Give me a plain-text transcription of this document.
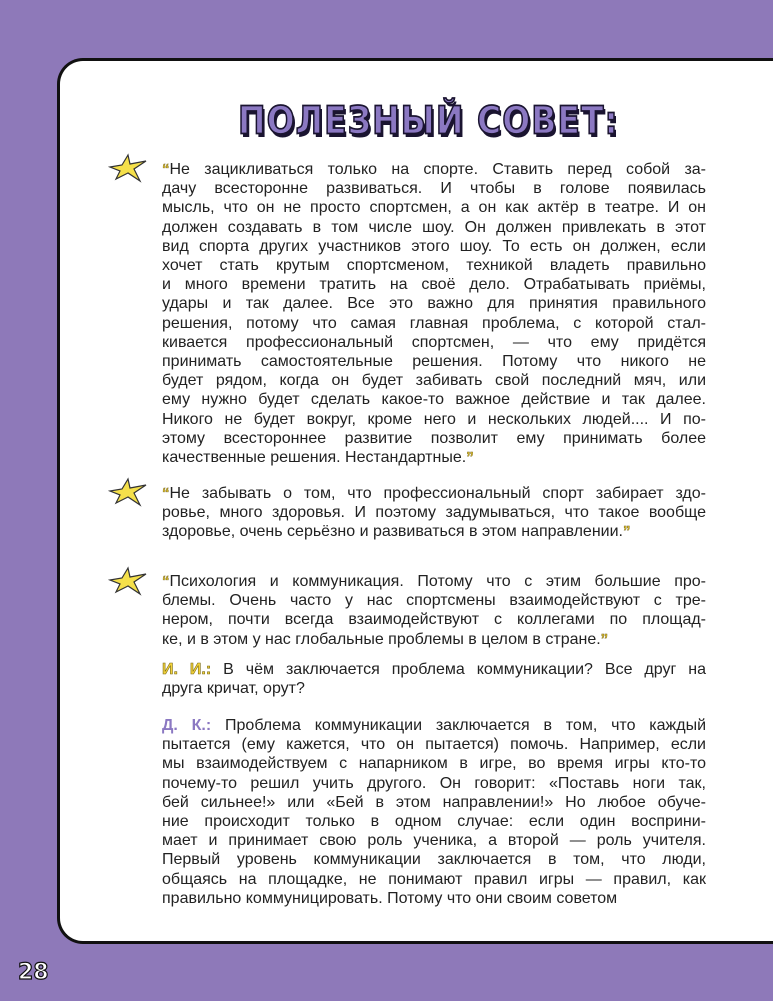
ПОЛЕЗНЫЙ СОВЕТ:
“Не зацикливаться только на спорте. Ставить перед собой за-
дачу всесторонне развиваться. И чтобы в голове появилась
мысль, что он не просто спортсмен, а он как актёр в театре. И он
должен создавать в том числе шоу. Он должен привлекать в этот
вид спорта других участников этого шоу. То есть он должен, если
хочет стать крутым спортсменом, техникой владеть правильно
и много времени тратить на своё дело. Отрабатывать приёмы,
удары и так далее. Все это важно для принятия правильного
решения, потому что самая главная проблема, с которой стал-
кивается профессиональный спортсмен, — что ему придётся
принимать самостоятельные решения. Потому что никого не
будет рядом, когда он будет забивать свой последний мяч, или
ему нужно будет сделать какое-то важное действие и так далее.
Никого не будет вокруг, кроме него и нескольких людей.... И по-
этому всестороннее развитие позволит ему принимать более
качественные решения. Нестандартные.”
“Не забывать о том, что профессиональный спорт забирает здо-
ровье, много здоровья. И поэтому задумываться, что такое вообще
здоровье, очень серьёзно и развиваться в этом направлении.”
“Психология и коммуникация. Потому что с этим большие про-
блемы. Очень часто у нас спортсмены взаимодействуют с тре-
нером, почти всегда взаимодействуют с коллегами по площад-
ке, и в этом у нас глобальные проблемы в целом в стране.”
И. И.: В чём заключается проблема коммуникации? Все друг на
друга кричат, орут?
Д. К.: Проблема коммуникации заключается в том, что каждый
пытается (ему кажется, что он пытается) помочь. Например, если
мы взаимодействуем с напарником в игре, во время игры кто-то
почему-то решил учить другого. Он говорит: «Поставь ноги так,
бей сильнее!» или «Бей в этом направлении!» Но любое обуче-
ние происходит только в одном случае: если один восприни-
мает и принимает свою роль ученика, а второй — роль учителя.
Первый уровень коммуникации заключается в том, что люди,
общаясь на площадке, не понимают правил игры — правил, как
правильно коммуницировать. Потому что они своим советом
28
